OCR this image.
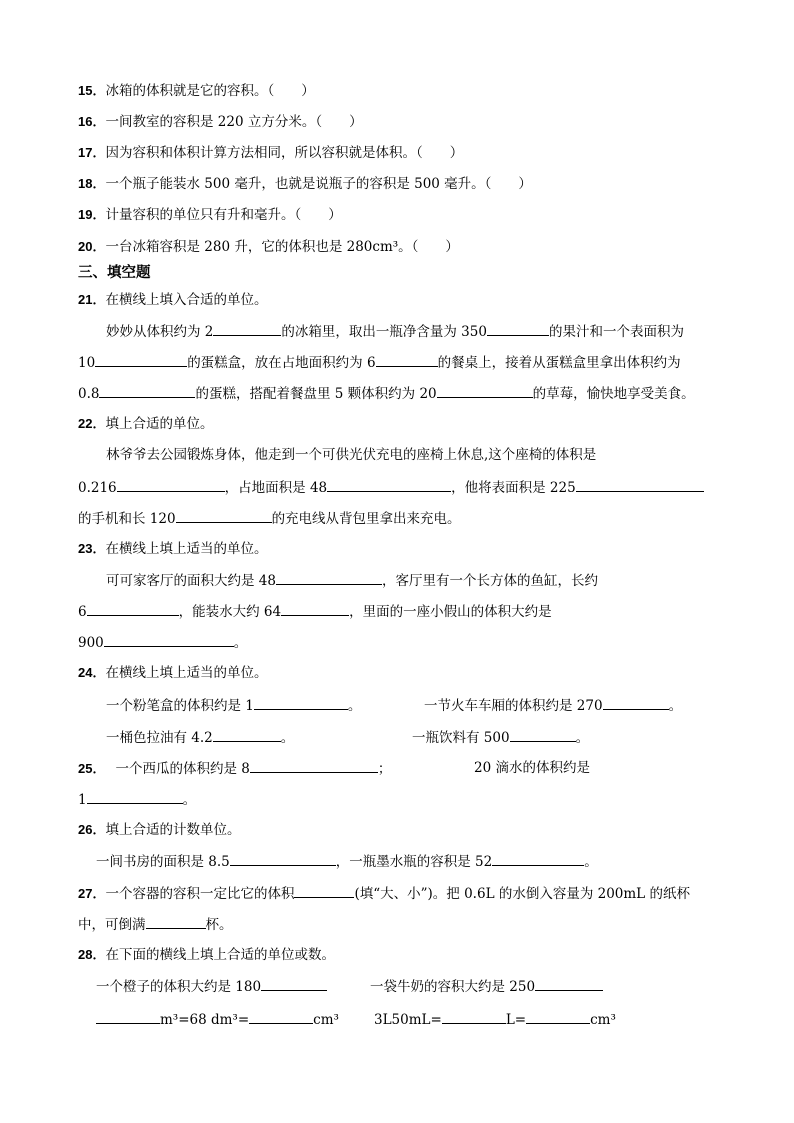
15．冰箱的体积就是它的容积。（　　）
16．一间教室的容积是 220 立方分米。（　　）
17．因为容积和体积计算方法相同，所以容积就是体积。（　　）
18．一个瓶子能装水 500 毫升，也就是说瓶子的容积是 500 毫升。（　　）
19．计量容积的单位只有升和毫升。（　　）
20．一台冰箱容积是 280 升，它的体积也是 280cm³。（　　）
三、填空题
21．在横线上填入合适的单位。
妙妙从体积约为 2	的冰箱里，取出一瓶净含量为 350	的果汁和一个表面积为
10	的蛋糕盒，放在占地面积约为 6	的餐桌上，接着从蛋糕盒里拿出体积约为
0.8	的蛋糕，搭配着餐盘里 5 颗体积约为 20	的草莓，愉快地享受美食。
22．填上合适的单位。
林爷爷去公园锻炼身体，他走到一个可供光伏充电的座椅上休息,这个座椅的体积是
0.216	，占地面积是 48	，他将表面积是 225
的手机和长 120	的充电线从背包里拿出来充电。
23．在横线上填上适当的单位。
可可家客厅的面积大约是 48	，客厅里有一个长方体的鱼缸，长约
6	，能装水大约 64	，里面的一座小假山的体积大约是
900	。
24．在横线上填上适当的单位。
一个粉笔盒的体积约是 1	。	一节火车车厢的体积约是 270	。
一桶色拉油有 4.2	。	一瓶饮料有 500	。
25． 一个西瓜的体积约是 8	；	20 滴水的体积约是
1	。
26．填上合适的计数单位。
一间书房的面积是 8.5	，一瓶墨水瓶的容积是 52	。
27．一个容器的容积一定比它的体积	(填“大、小”)。把 0.6L 的水倒入容量为 200mL 的纸杯
中，可倒满	杯。
28．在下面的横线上填上合适的单位或数。
一个橙子的体积大约是 180	一袋牛奶的容积大约是 250
m³=68 dm³=	cm³	3L50mL=	L=	cm³
